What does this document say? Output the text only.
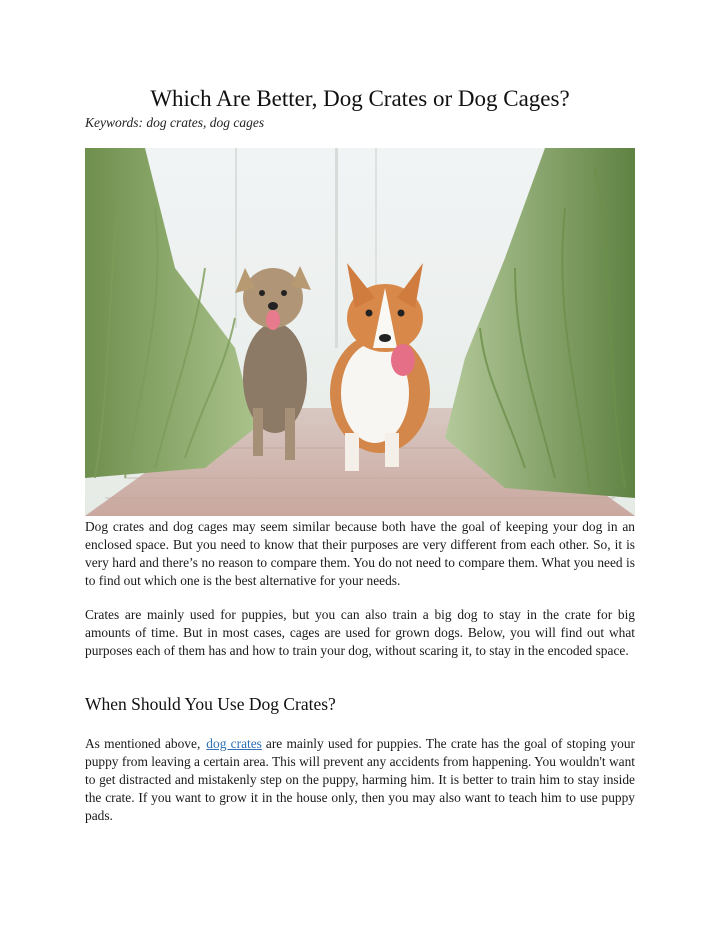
Which Are Better, Dog Crates or Dog Cages?
Keywords: dog crates, dog cages

Dog crates and dog cages may seem similar because both have the goal of keeping your dog in an enclosed space. But you need to know that their purposes are very different from each other. So, it is very hard and there’s no reason to compare them. You do not need to compare them. What you need is to find out which one is the best alternative for your needs.

Crates are mainly used for puppies, but you can also train a big dog to stay in the crate for big amounts of time. But in most cases, cages are used for grown dogs. Below, you will find out what purposes each of them has and how to train your dog, without scaring it, to stay in the encoded space.

When Should You Use Dog Crates?

As mentioned above, dog crates are mainly used for puppies. The crate has the goal of stoping your puppy from leaving a certain area. This will prevent any accidents from happening. You wouldn't want to get distracted and mistakenly step on the puppy, harming him. It is better to train him to stay inside the crate. If you want to grow it in the house only, then you may also want to teach him to use puppy pads.
